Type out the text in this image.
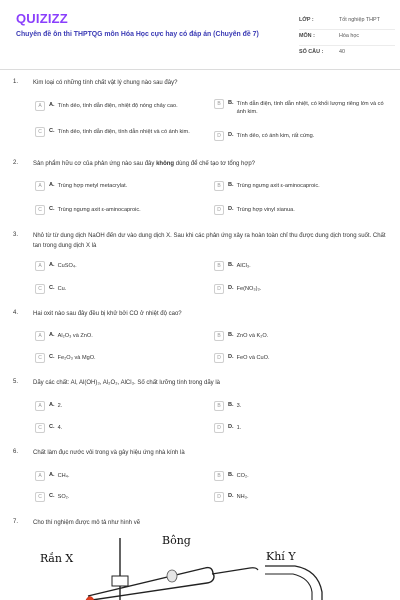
QUIZIZZ
Chuyên đề ôn thi THPTQG môn Hóa Học cực hay có đáp án (Chuyên đề 7)
LỚP :	Tốt nghiệp THPT
MÔN :	Hóa học
SỐ CÂU :	40
1. Kim loại có những tính chất vật lý chung nào sau đây?
A	A. Tính dẻo, tính dẫn điện, nhiệt độ nóng chảy cao.	B	B. Tính dẫn điện, tính dẫn nhiệt, có khối lượng riêng lớn và có ánh kim.
C	C. Tính dẻo, tính dẫn điện, tính dẫn nhiệt và có ánh kim.
D	D. Tính dẻo, có ánh kim, rất cứng.
2. Sản phẩm hữu cơ của phản ứng nào sau đây không dùng để chế tạo tơ tổng hợp?
A	A. Trùng hợp metyl metacrylat.	B	B. Trùng ngưng axit ε-aminocaproic.
C	C. Trùng ngưng axit ε-aminocaproic.	D	D. Trùng hợp vinyl xianua.
3. Nhỏ từ từ dung dịch NaOH đến dư vào dung dịch X. Sau khi các phản ứng xảy ra hoàn toàn chỉ thu được dung dịch trong suốt. Chất tan trong dung dịch X là
A	A. CuSO₄.	B	B. AlCl₃.
C	C. Cu.	D	D. Fe(NO₃)₃.
4. Hai oxit nào sau đây đều bị khử bởi CO ở nhiệt độ cao?
A	A. Al₂O₃ và ZnO.	B	B. ZnO và K₂O.
C	C. Fe₂O₃ và MgO.	D	D. FeO và CuO.
5. Dãy các chất: Al, Al(OH)₃, Al₂O₃, AlCl₃. Số chất lưỡng tính trong dãy là
A	A. 2.	B	B. 3.
C	C. 4.	D	D. 1.
6. Chất làm đục nước vôi trong và gây hiệu ứng nhà kính là
A	A. CH₄.	B	B. CO₂.
C	C. SO₂.	D	D. NH₃.
7. Cho thí nghiệm được mô tả như hình vẽ
Rắn X
Bông
Khí Y
